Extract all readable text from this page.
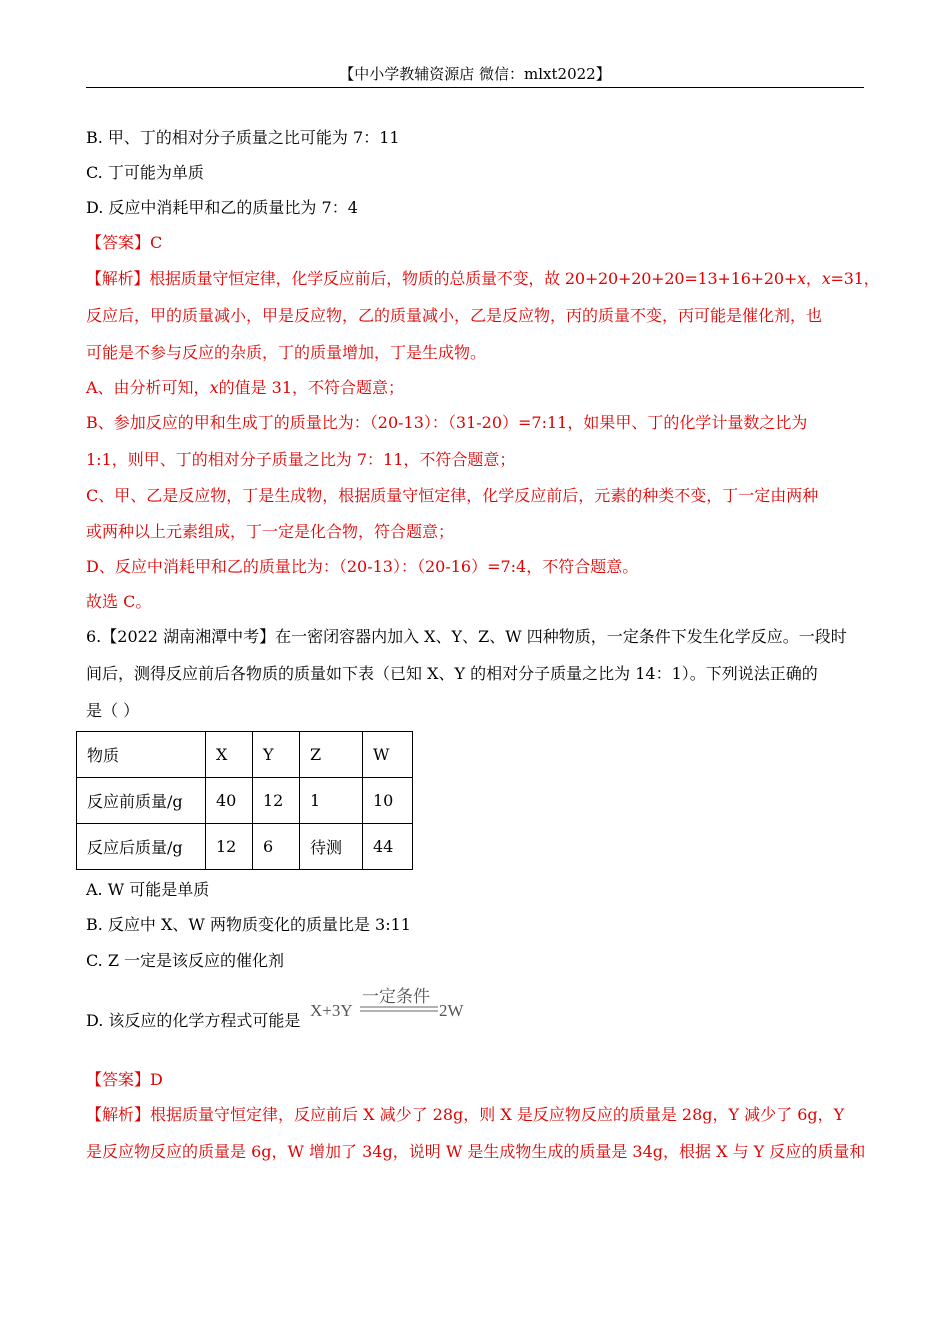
【中小学教辅资源店 微信：mlxt2022】
B. 甲、丁的相对分子质量之比可能为 7：11
C. 丁可能为单质
D. 反应中消耗甲和乙的质量比为 7：4
【答案】C
【解析】根据质量守恒定律，化学反应前后，物质的总质量不变，故 20+20+20+20=13+16+20+x，x=31，
反应后，甲的质量减小，甲是反应物，乙的质量减小，乙是反应物，丙的质量不变，丙可能是催化剂，也
可能是不参与反应的杂质，丁的质量增加，丁是生成物。
A、由分析可知，x的值是 31，不符合题意；
B、参加反应的甲和生成丁的质量比为：（20-13）：（31-20）=7:11，如果甲、丁的化学计量数之比为
1:1，则甲、丁的相对分子质量之比为 7：11，不符合题意；
C、甲、乙是反应物，丁是生成物，根据质量守恒定律，化学反应前后，元素的种类不变，丁一定由两种
或两种以上元素组成，丁一定是化合物，符合题意；
D、反应中消耗甲和乙的质量比为：（20-13）：（20-16）=7:4，不符合题意。
故选 C。
6.【2022 湖南湘潭中考】在一密闭容器内加入 X、Y、Z、W 四种物质，一定条件下发生化学反应。一段时
间后，测得反应前后各物质的质量如下表（已知 X、Y 的相对分子质量之比为 14：1）。下列说法正确的
是（ ）
物质	X	Y	Z	W
反应前质量/g	40	12	1	10
反应后质量/g	12	6	待测	44
A. W 可能是单质
B. 反应中 X、W 两物质变化的质量比是 3:11
C. Z 一定是该反应的催化剂
D. 该反应的化学方程式可能是
X+3Y
一定条件
2W
【答案】D
【解析】根据质量守恒定律，反应前后 X 减少了 28g，则 X 是反应物反应的质量是 28g，Y 减少了 6g，Y
是反应物反应的质量是 6g，W 增加了 34g，说明 W 是生成物生成的质量是 34g，根据 X 与 Y 反应的质量和
